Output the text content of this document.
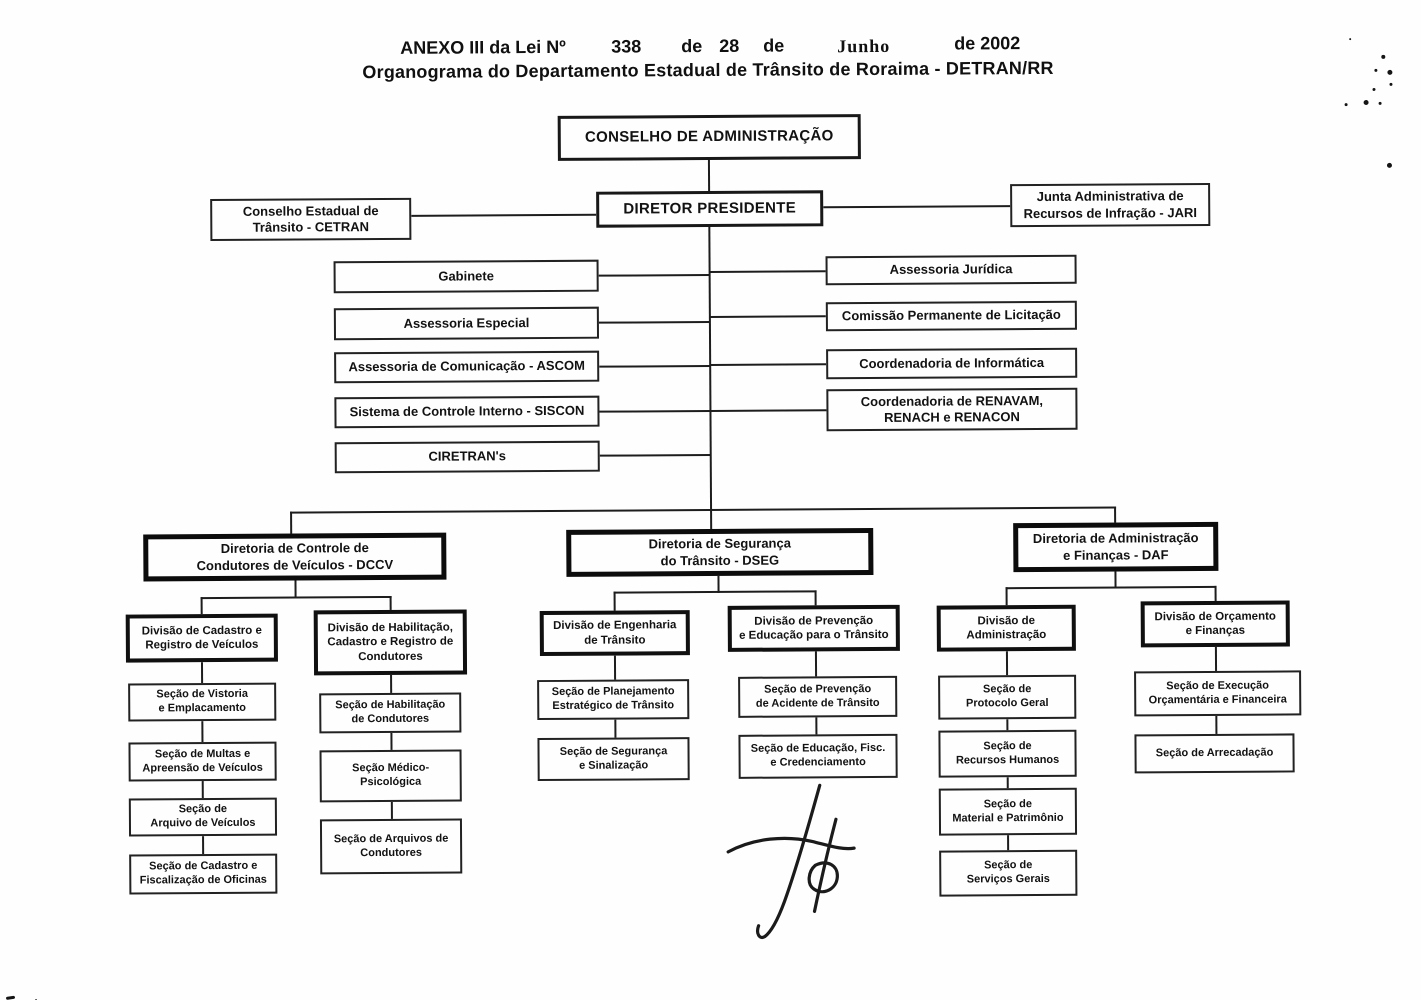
ANEXO III da Lei Nº	338 de 28 de	Junho	de 2002
Organograma do Departamento Estadual de Trânsito de Roraima - DETRAN/RR
CONSELHO DE ADMINISTRAÇÃO
DIRETOR PRESIDENTE
Conselho Estadual de
Trânsito - CETRAN
Junta Administrativa de
Recursos de Infração - JARI
Gabinete
Assessoria Especial
Assessoria de Comunicação - ASCOM
Sistema de Controle Interno - SISCON
CIRETRAN's
Assessoria Jurídica
Comissão Permanente de Licitação
Coordenadoria de Informática
Coordenadoria de RENAVAM,
RENACH e RENACON
Diretoria de Controle de
Condutores de Veículos - DCCV
Diretoria de Segurança
do Trânsito - DSEG
Diretoria de Administração
e Finanças - DAF
Divisão de Cadastro e
Registro de Veículos
Divisão de Habilitação,
Cadastro e Registro de
Condutores
Divisão de Engenharia
de Trânsito
Divisão de Prevenção
e Educação para o Trânsito
Divisão de
Administração
Divisão de Orçamento
e Finanças
Seção de Vistoria
e Emplacamento
Seção de Multas e
Apreensão de Veículos
Seção de
Arquivo de Veículos
Seção de Cadastro e
Fiscalização de Oficinas
Seção de Habilitação
de Condutores
Seção Médico-
Psicológica
Seção de Arquivos de
Condutores
Seção de Planejamento
Estratégico de Trânsito
Seção de Segurança
e Sinalização
Seção de Prevenção
de Acidente de Trânsito
Seção de Educação, Fisc.
e Credenciamento
Seção de
Protocolo Geral
Seção de
Recursos Humanos
Seção de
Material e Patrimônio
Seção de
Serviços Gerais
Seção de Execução
Orçamentária e Financeira
Seção de Arrecadação
